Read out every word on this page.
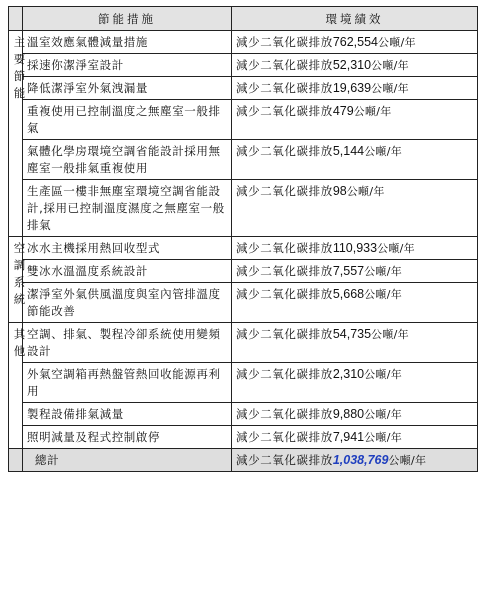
	節能措施	環境績效
主要節能	溫室效應氣體減量措施	減少二氧化碳排放762,554公噸/年
	採速你潔淨室設計	減少二氧化碳排放52,310公噸/年
	降低潔淨室外氣洩漏量	減少二氧化碳排放19,639公噸/年
	重複使用已控制溫度之無塵室一般排氣	減少二氧化碳排放479公噸/年
	氣體化學房環境空調省能設計採用無塵室一般排氣重複使用	減少二氧化碳排放5,144公噸/年
	生產區一樓非無塵室環境空調省能設計,採用已控制溫度濕度之無塵室一般排氣	減少二氧化碳排放98公噸/年
空調系統	冰水主機採用熱回收型式	減少二氧化碳排放110,933公噸/年
	雙冰水溫溫度系統設計	減少二氧化碳排放7,557公噸/年
	潔淨室外氣供風溫度與室內管排溫度節能改善	減少二氧化碳排放5,668公噸/年
其他	空調、排氣、製程冷卻系統使用變頻設計	減少二氧化碳排放54,735公噸/年
	外氣空調箱再熱盤管熱回收能源再利用	減少二氧化碳排放2,310公噸/年
	製程設備排氣減量	減少二氧化碳排放9,880公噸/年
	照明減量及程式控制啟停	減少二氧化碳排放7,941公噸/年
	總計	減少二氧化碳排放1,038,769公噸/年
